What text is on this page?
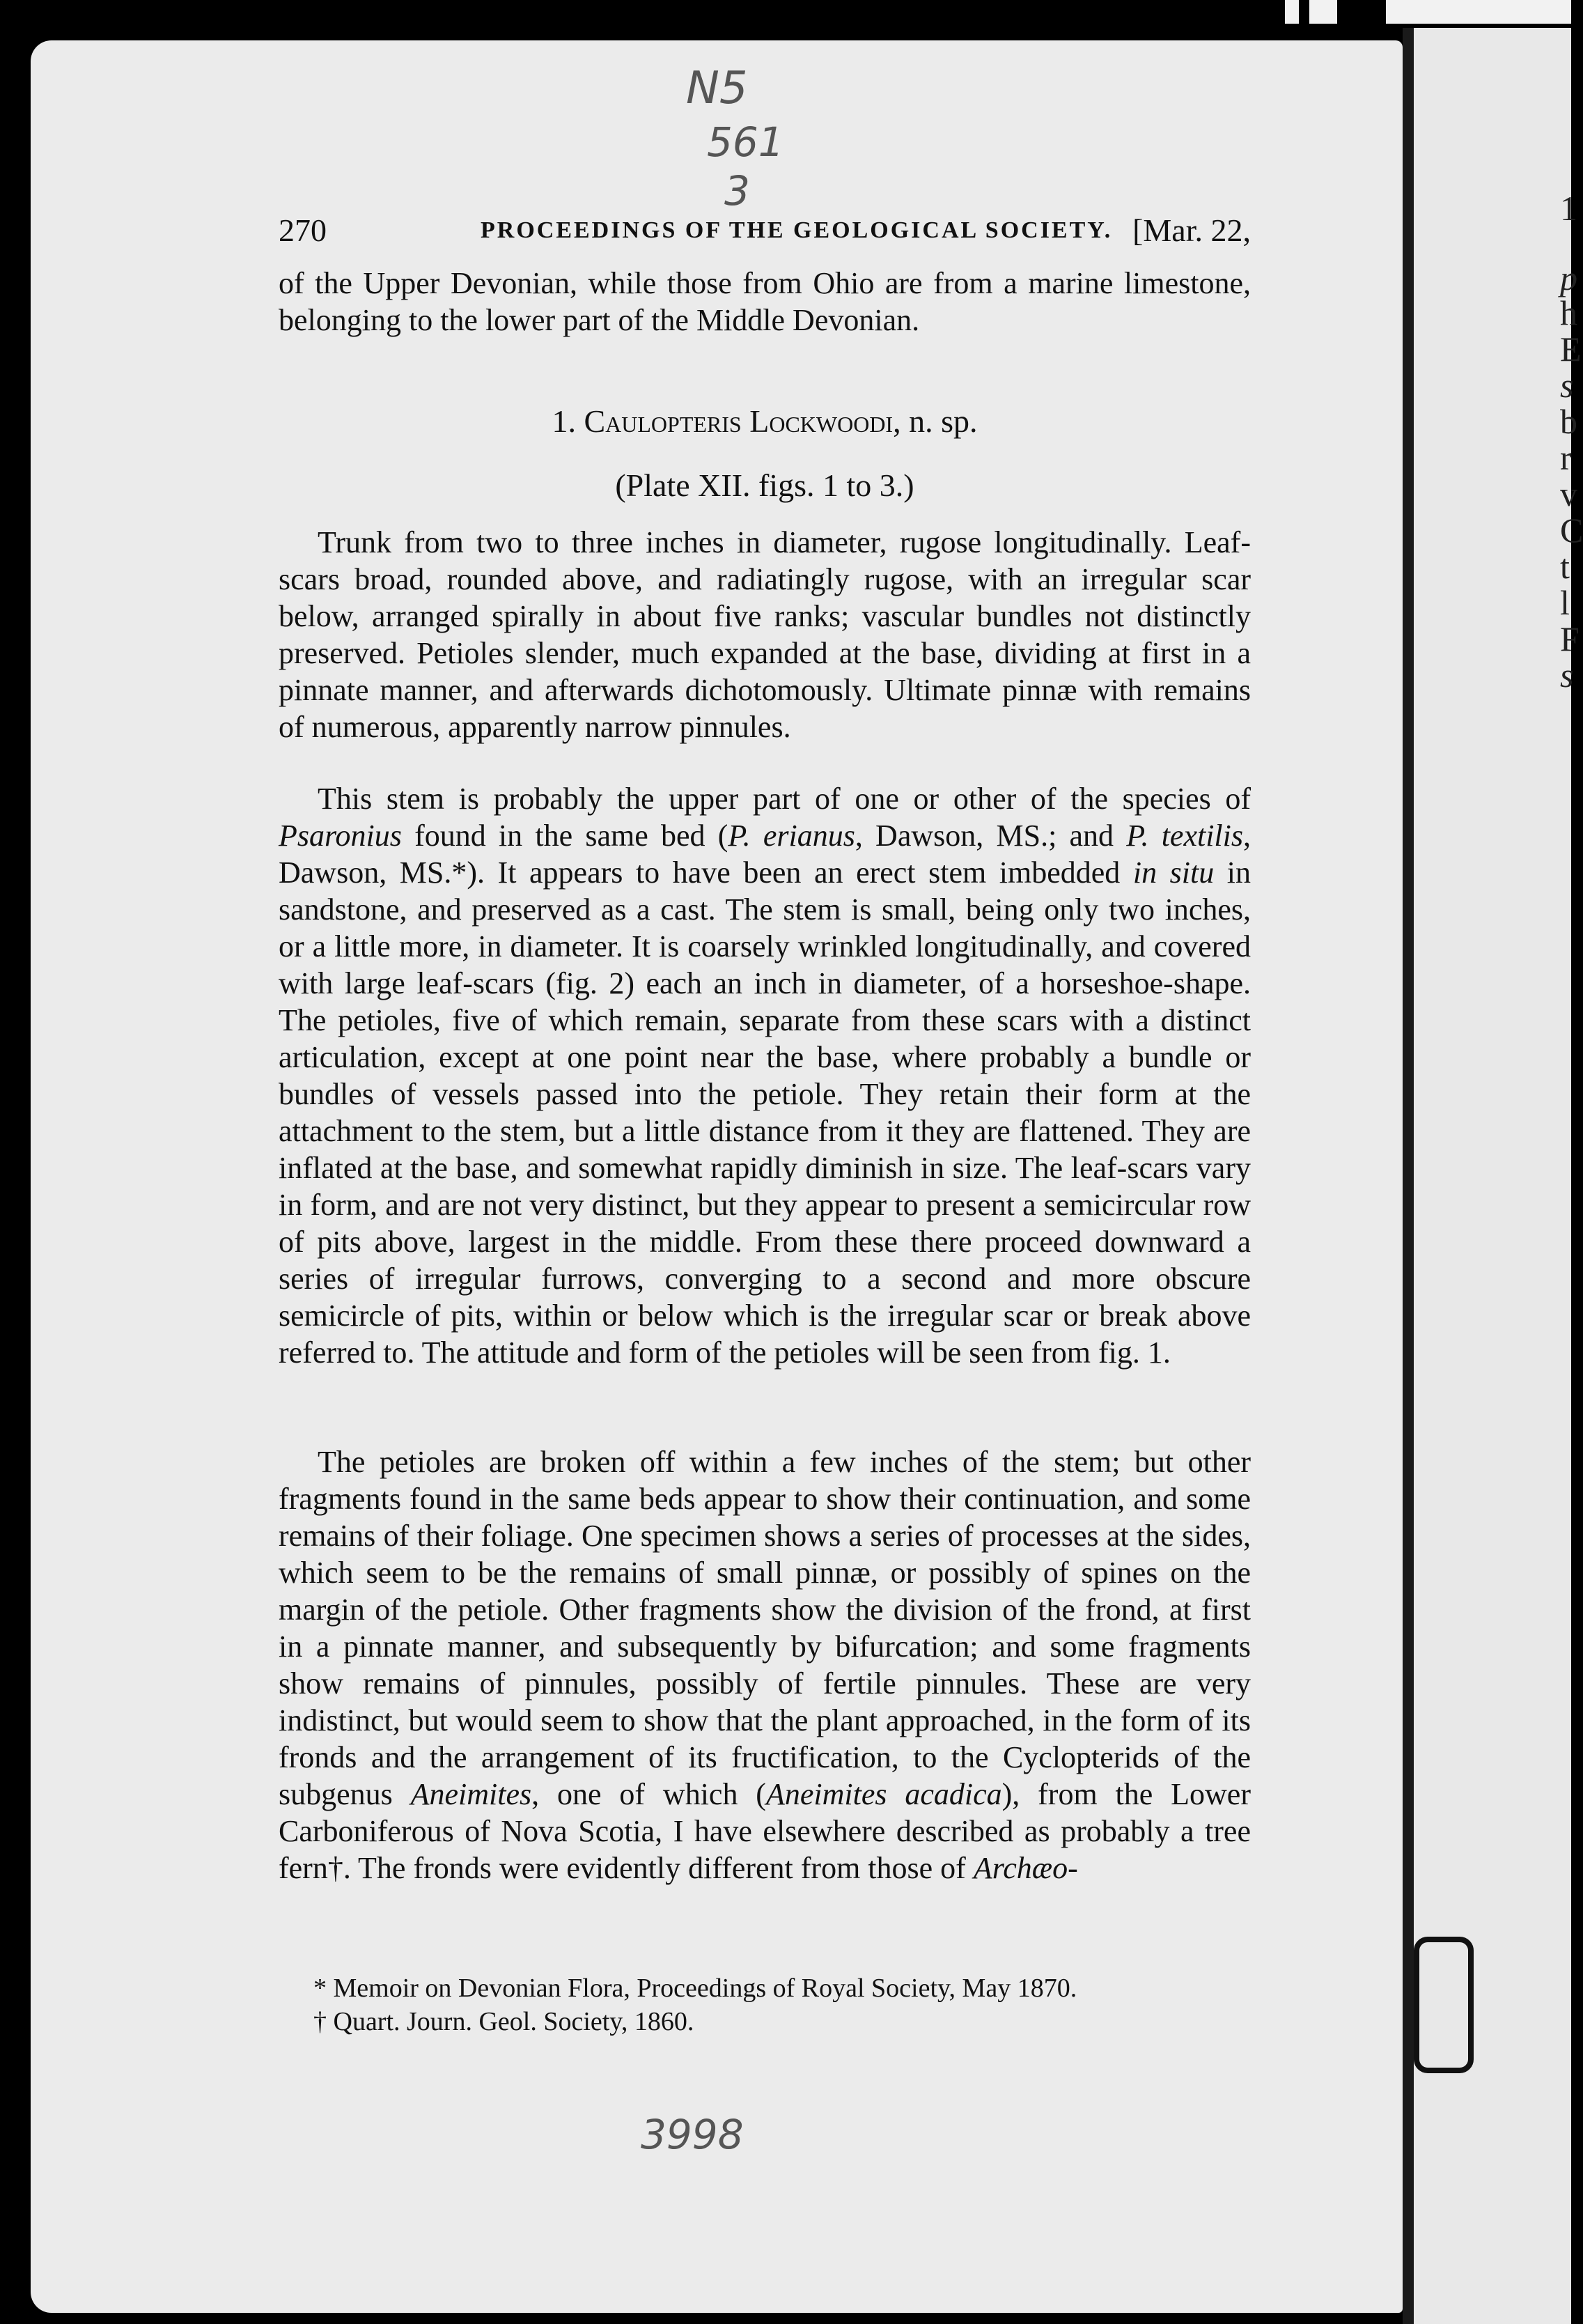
1
p
h
E
s
b
r
v
C
t
l
F
s
N5
561
3
270	PROCEEDINGS OF THE GEOLOGICAL SOCIETY. [Mar. 22,

of the Upper Devonian, while those from Ohio are from a marine limestone, belonging to the lower part of the Middle Devonian.

1. Caulopteris Lockwoodi, n. sp.
(Plate XII. figs. 1 to 3.)

Trunk from two to three inches in diameter, rugose longitudinally. Leaf-scars broad, rounded above, and radiatingly rugose, with an irregular scar below, arranged spirally in about five ranks; vascular bundles not distinctly preserved. Petioles slender, much expanded at the base, dividing at first in a pinnate manner, and afterwards dichotomously. Ultimate pinnæ with remains of numerous, apparently narrow pinnules.

This stem is probably the upper part of one or other of the species of Psaronius found in the same bed (P. erianus, Dawson, MS.; and P. textilis, Dawson, MS.*). It appears to have been an erect stem imbedded in situ in sandstone, and preserved as a cast. The stem is small, being only two inches, or a little more, in diameter. It is coarsely wrinkled longitudinally, and covered with large leaf-scars (fig. 2) each an inch in diameter, of a horseshoe-shape. The petioles, five of which remain, separate from these scars with a distinct articulation, except at one point near the base, where probably a bundle or bundles of vessels passed into the petiole. They retain their form at the attachment to the stem, but a little distance from it they are flattened. They are inflated at the base, and somewhat rapidly diminish in size. The leaf-scars vary in form, and are not very distinct, but they appear to present a semicircular row of pits above, largest in the middle. From these there proceed downward a series of irregular furrows, converging to a second and more obscure semicircle of pits, within or below which is the irregular scar or break above referred to. The attitude and form of the petioles will be seen from fig. 1.

The petioles are broken off within a few inches of the stem; but other fragments found in the same beds appear to show their continuation, and some remains of their foliage. One specimen shows a series of processes at the sides, which seem to be the remains of small pinnæ, or possibly of spines on the margin of the petiole. Other fragments show the division of the frond, at first in a pinnate manner, and subsequently by bifurcation; and some fragments show remains of pinnules, possibly of fertile pinnules. These are very indistinct, but would seem to show that the plant approached, in the form of its fronds and the arrangement of its fructification, to the Cyclopterids of the subgenus Aneimites, one of which (Aneimites acadica), from the Lower Carboniferous of Nova Scotia, I have elsewhere described as probably a tree fern†. The fronds were evidently different from those of Archæo-

* Memoir on Devonian Flora, Proceedings of Royal Society, May 1870.
† Quart. Journ. Geol. Society, 1860.
3998
